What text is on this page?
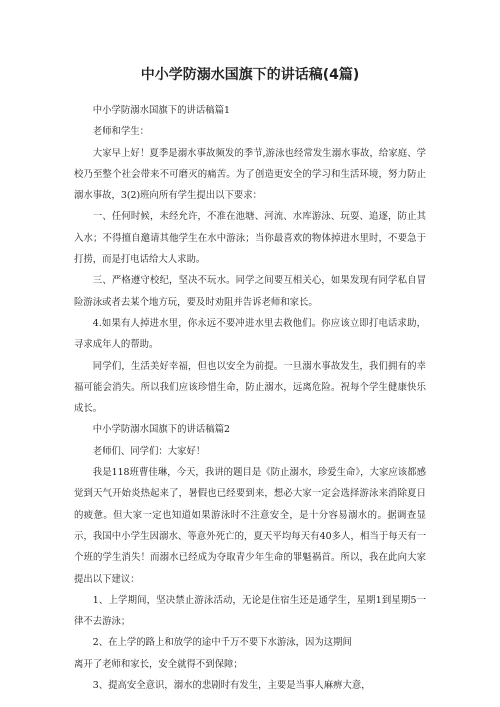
中小学防溺水国旗下的讲话稿(4篇)

中小学防溺水国旗下的讲话稿篇1

老师和学生：

大家早上好！夏季是溺水事故频发的季节,游泳也经常发生溺水事故，给家庭、学校乃至整个社会带来不可磨灭的痛苦。为了创造更安全的学习和生活环境，努力防止溺水事故，3(2)班向所有学生提出以下要求：

一、任何时候，未经允许，不准在池塘、河流、水库游泳、玩耍、追逐，防止其入水；不得擅自邀请其他学生在水中游泳；当你最喜欢的物体掉进水里时，不要急于打捞，而是打电话给大人求助。

三、严格遵守校纪，坚决不玩水。同学之间要互相关心，如果发现有同学私自冒险游泳或者去某个地方玩，要及时劝阻并告诉老师和家长。

4.如果有人掉进水里，你永远不要冲进水里去救他们。你应该立即打电话求助，寻求成年人的帮助。

同学们，生活美好幸福，但也以安全为前提。一旦溺水事故发生，我们拥有的幸福可能会消失。所以我们应该珍惜生命，防止溺水，远离危险。祝每个学生健康快乐成长。

中小学防溺水国旗下的讲话稿篇2

老师们、同学们：大家好！

我是118班曹佳琳，今天，我讲的题目是《防止溺水，珍爱生命》，大家应该都感觉到天气开始炎热起来了，暑假也已经要到来，想必大家一定会选择游泳来消除夏日的疲惫。但大家一定也知道如果游泳时不注意安全，是十分容易溺水的。据调查显示，我国中小学生因溺水、等意外死亡的，夏天平均每天有40多人，相当于每天有一个班的学生消失！而溺水已经成为夺取青少年生命的罪魁祸首。所以，我在此向大家提出以下建议：

1、上学期间，坚决禁止游泳活动，无论是住宿生还是通学生，星期1到星期5一律不去游泳；

2、在上学的路上和放学的途中千万不要下水游泳，因为这期间

离开了老师和家长，安全就得不到保障；

3、提高安全意识，溺水的悲剧时有发生，主要是当事人麻痹大意，
